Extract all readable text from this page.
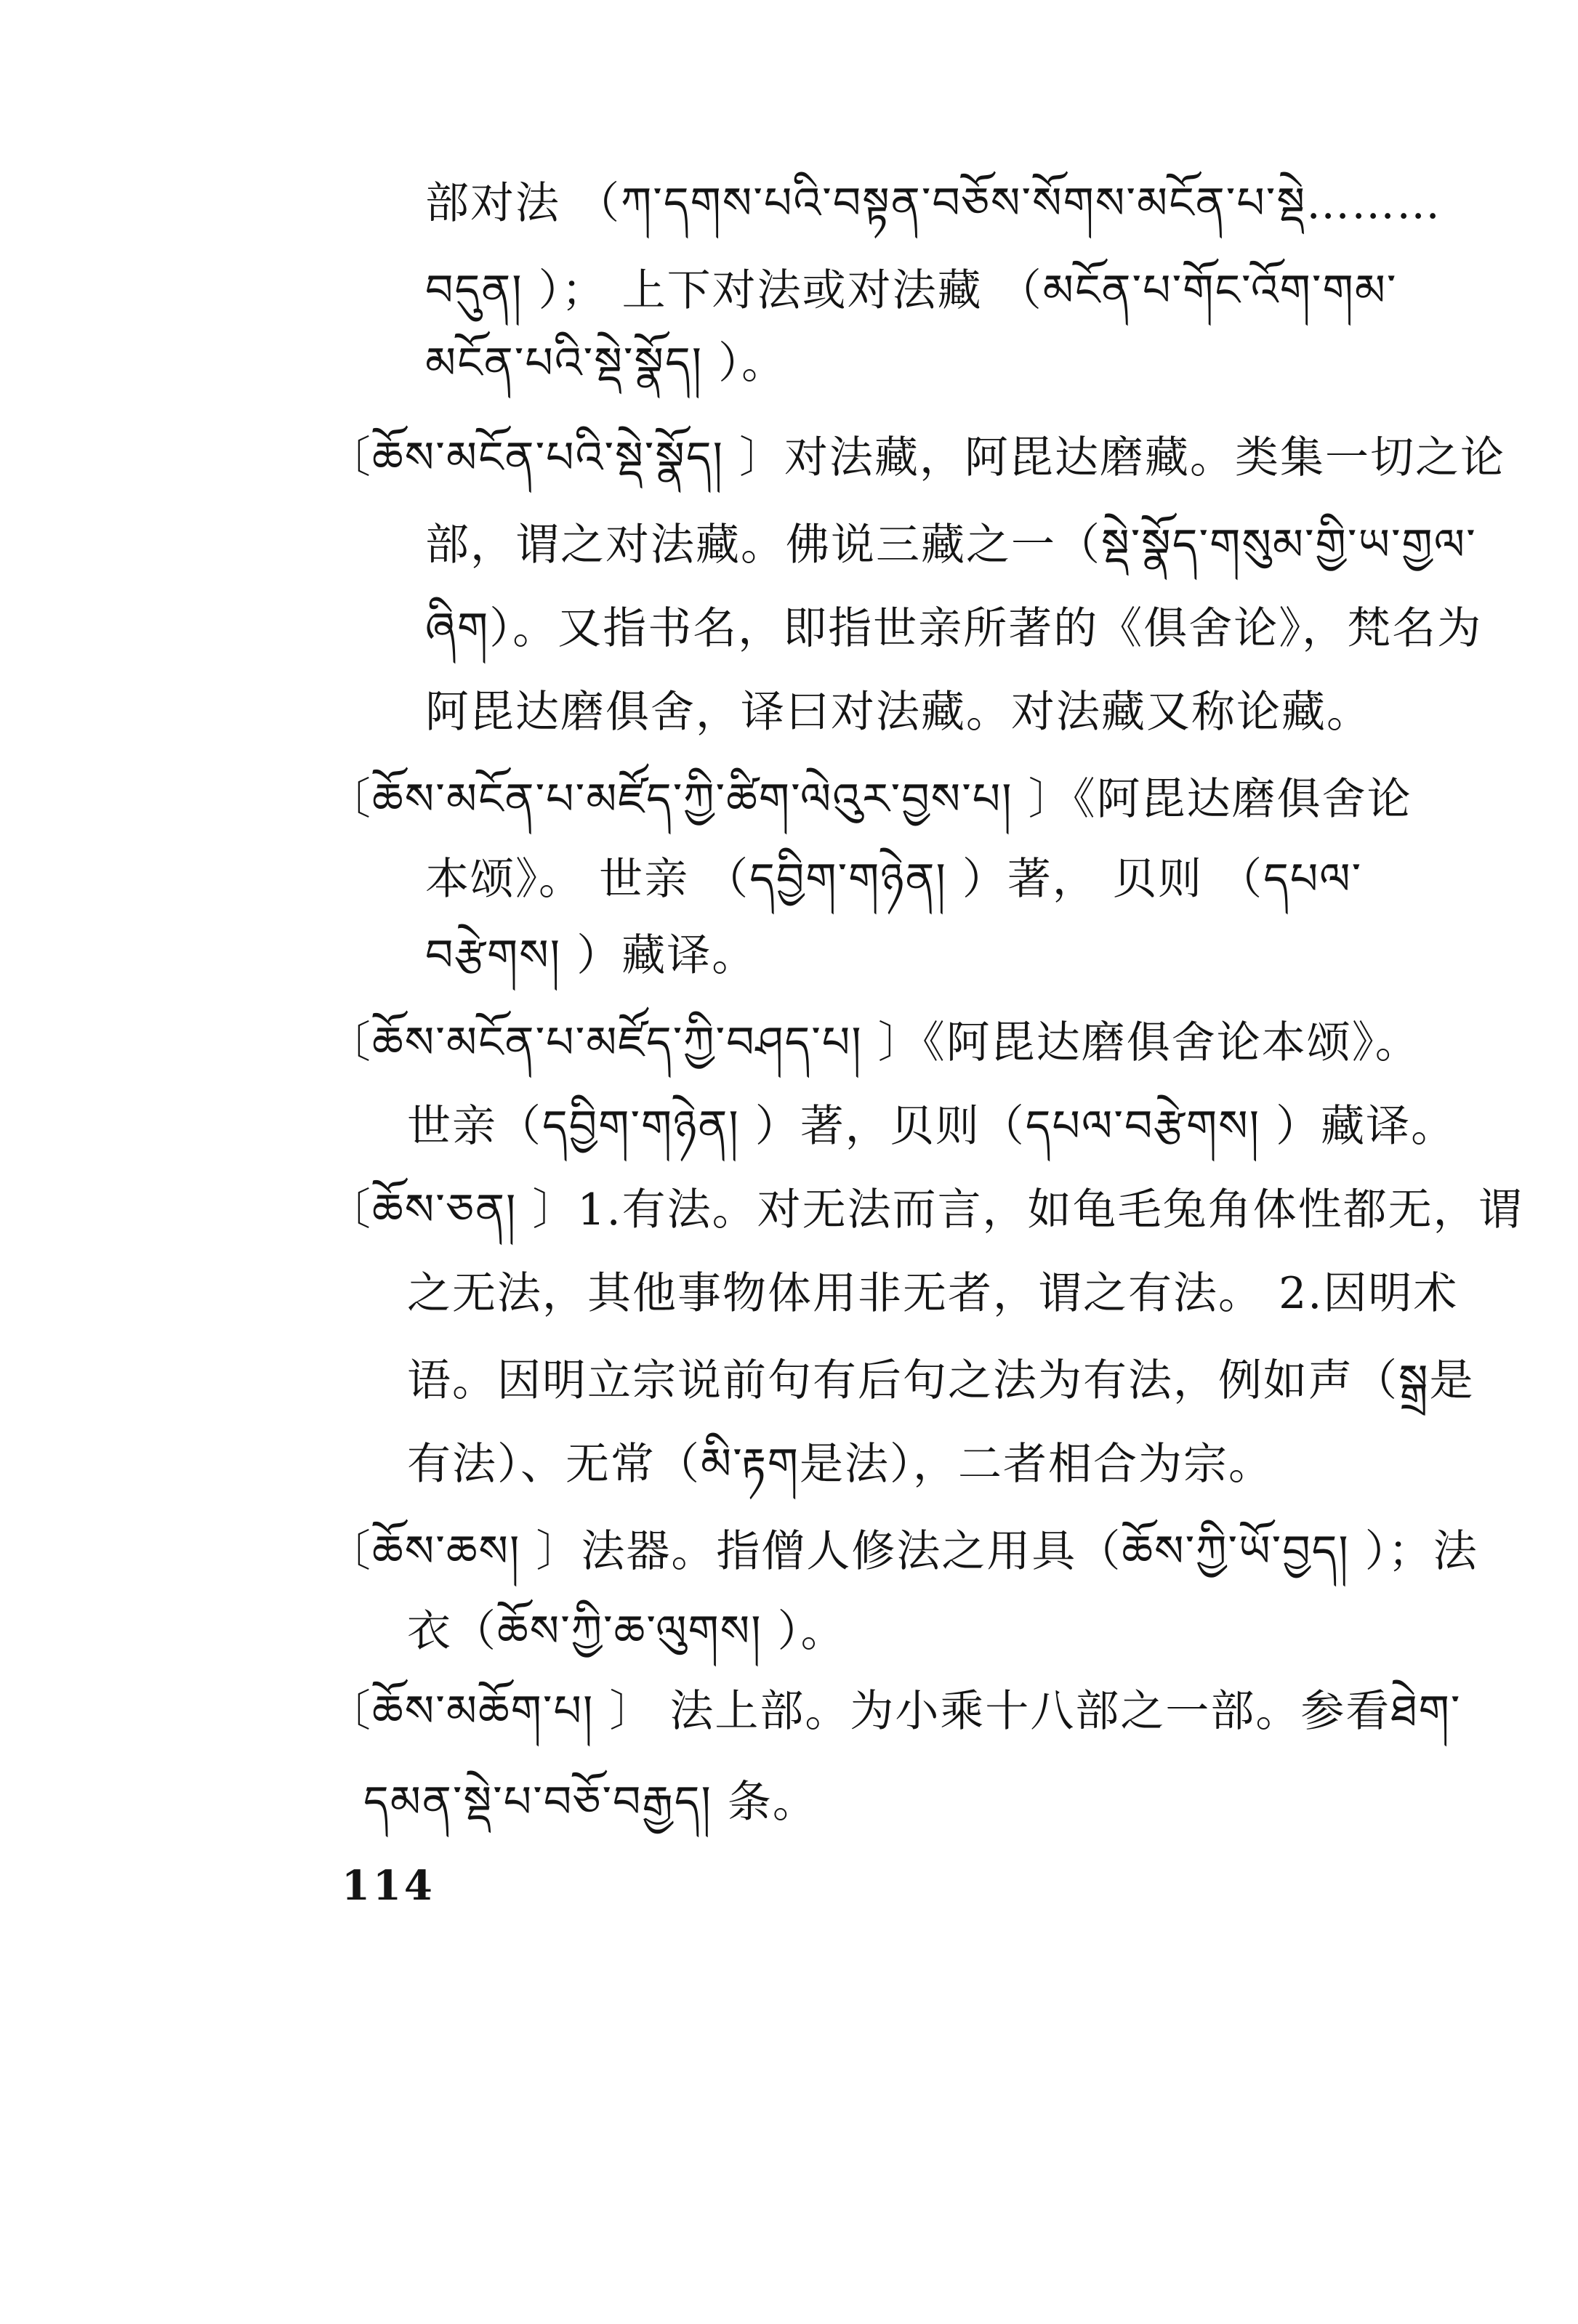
部对法 （ཀ་དགས་པའི་བསྟན་བཅོས་སོགས་མངོན་པ་སྡེ………
བདུན། ）； 上下对法或对法藏 （མངོན་པ་གོང་འོག་གམ་
མངོན་པའི་སྡེ་སྣོད། ）。
〔ཆོས་མངོན་པའི་སྡེ་སྣོད། 〕对法藏，阿毘达磨藏。类集一切之论
部，谓之对法藏。佛说三藏之一（སྡེ་སྣོད་གསུམ་གྱི་ཡ་གྱལ་
ཞིག）。又指书名，即指世亲所著的《俱舍论》，梵名为
阿毘达磨俱舍，译曰对法藏。对法藏又称论藏。
〔ཆོས་མངོན་པ་མཛོད་ཀྱི་ཚིག་ལེའུར་བྱས་པ། 〕《阿毘达磨俱舍论
本颂》。 世亲 （དབྱིག་གཉེན། ）著， 贝则 （དཔལ་
བརྩེགས། ）藏译。
〔ཆོས་མངོན་པ་མཛོད་ཀྱི་བཤད་པ། 〕《阿毘达磨俱舍论本颂》。
世亲（དབྱིག་གཉེན། ）著，贝则（དཔལ་བརྩེགས། ）藏译。
〔ཆོས་ཅན། 〕1.有法。对无法而言，如龟毛兔角体性都无，谓
之无法，其他事物体用非无者，谓之有法。 2.因明术
语。因明立宗说前句有后句之法为有法，例如声（སྒྲ是
有法）、无常（མི་རྟག是法），二者相合为宗。
〔ཆོས་ཆས། 〕法器。指僧人修法之用具（ཆོས་ཀྱི་ཡོ་བྱད། ）；法
衣（ཆོས་ཀྱི་ཆ་ལུགས། ）。
〔ཆོས་མཆོག་པ། 〕 法上部。为小乘十八部之一部。参看ཐེག་
དམན་སྡེ་པ་བཅོ་བརྒྱད། 条。
114
